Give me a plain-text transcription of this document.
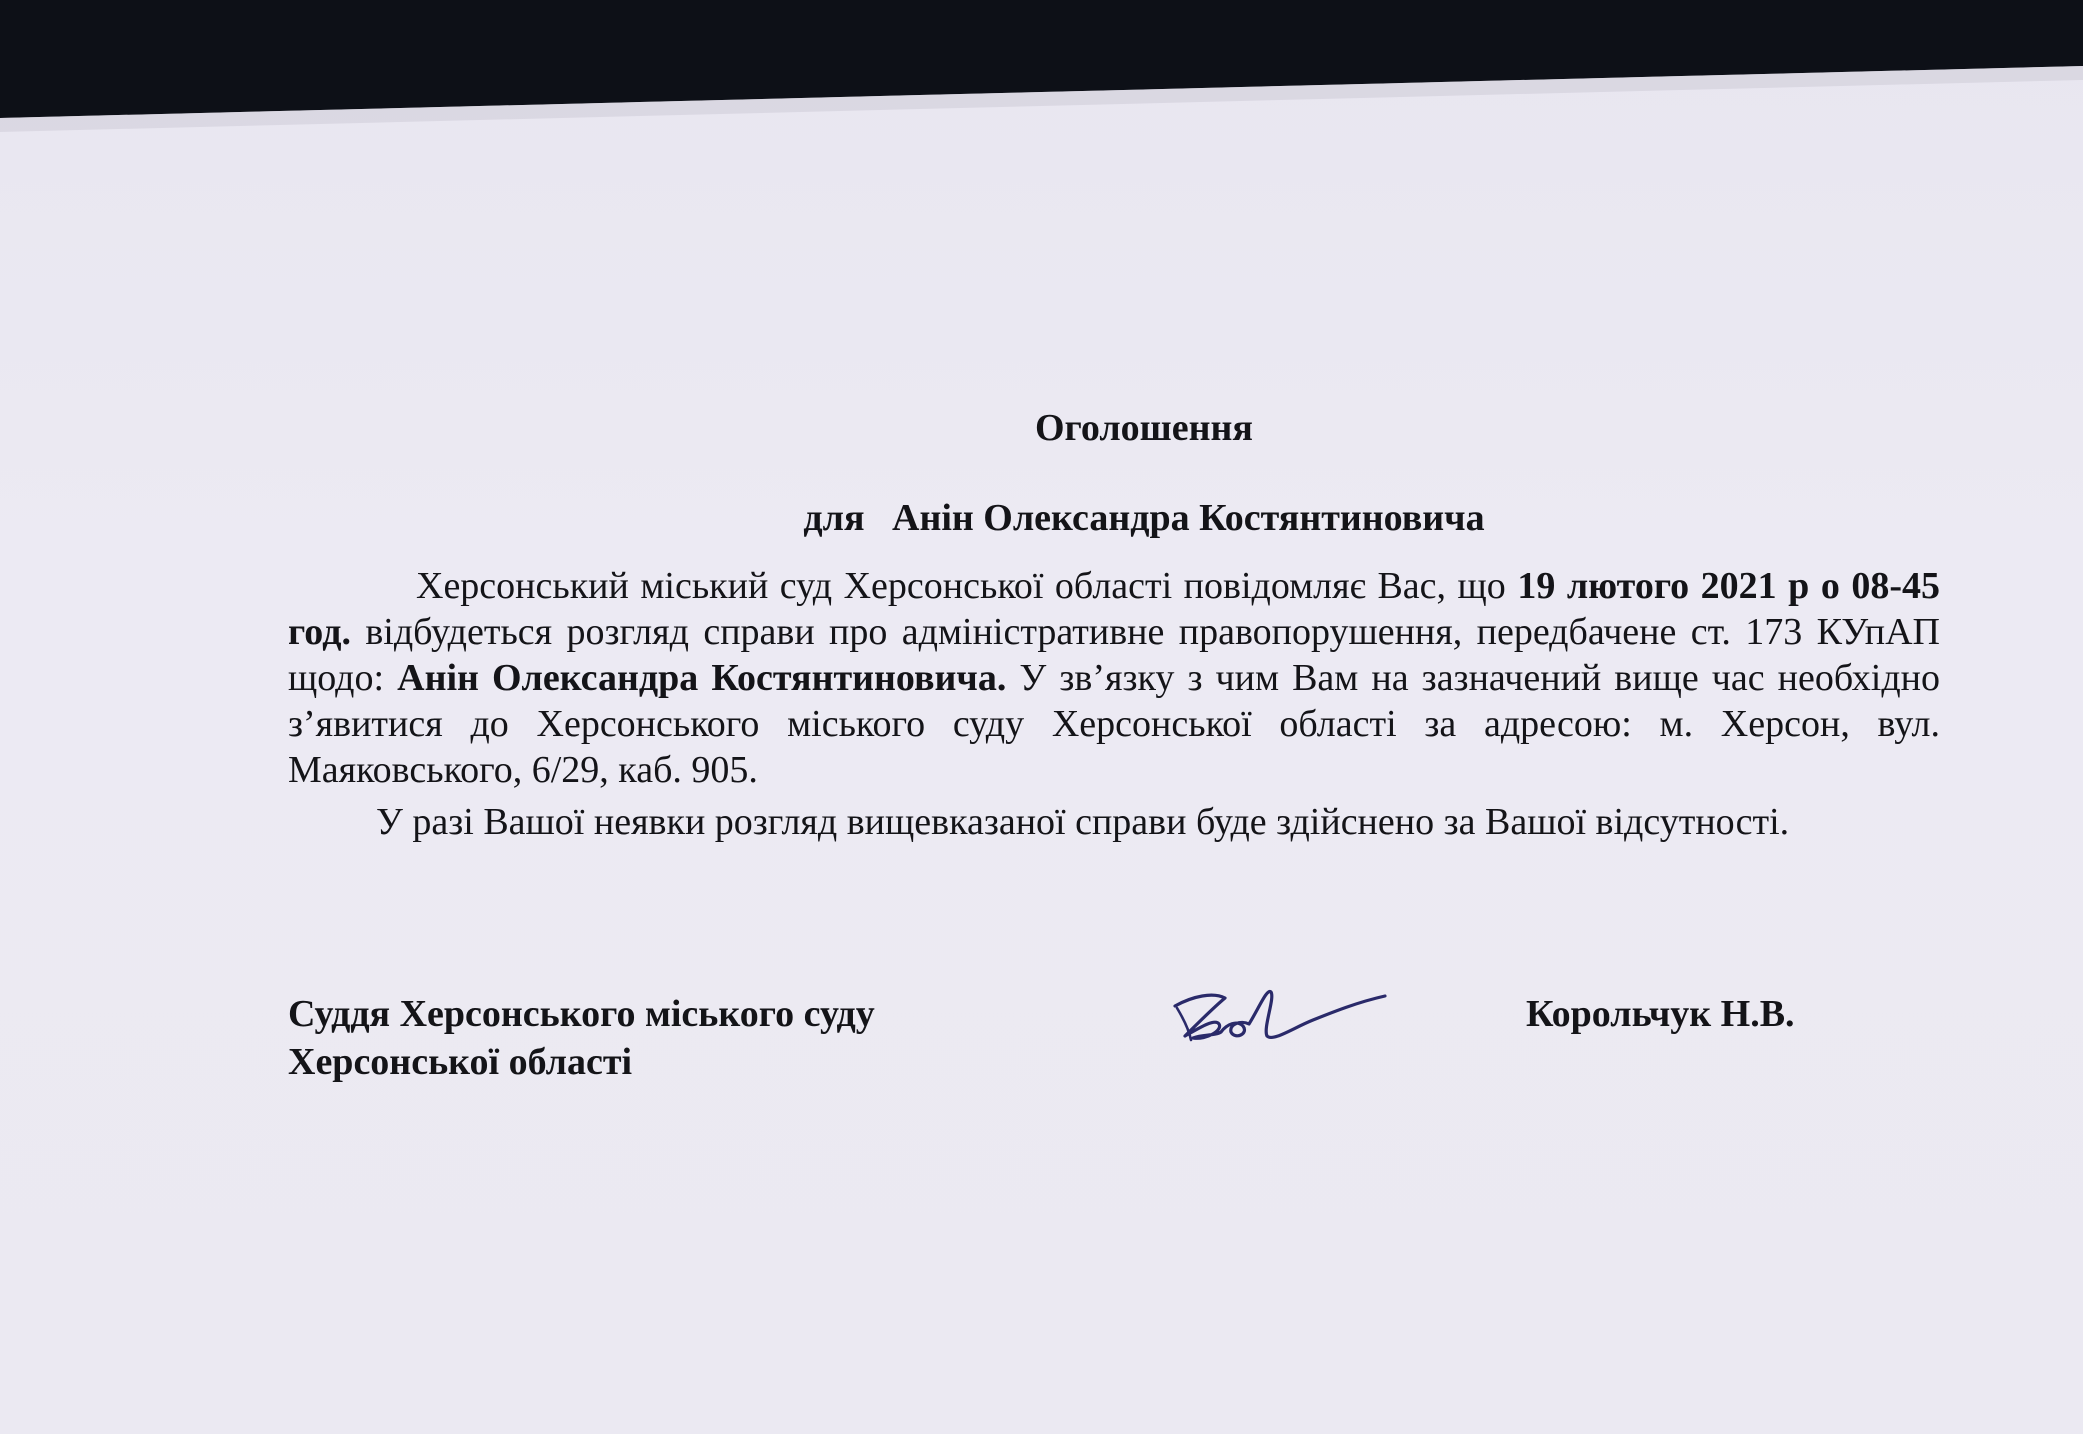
Оголошення

для Анін Олександра Костянтиновича

Херсонський міський суд Херсонської області повідомляє Вас, що 19 лютого 2021 р о 08-45 год. відбудеться розгляд справи про адміністративне правопорушення, передбачене ст. 173 КУпАП щодо: Анін Олександра Костянтиновича. У зв’язку з чим Вам на зазначений вище час необхідно з’явитися до Херсонського міського суду Херсонської області за адресою: м. Херсон, вул. Маяковського, 6/29, каб. 905.

У разі Вашої неявки розгляд вищевказаної справи буде здійснено за Вашої відсутності.

Суддя Херсонського міського суду
Херсонської області
Корольчук Н.В.
